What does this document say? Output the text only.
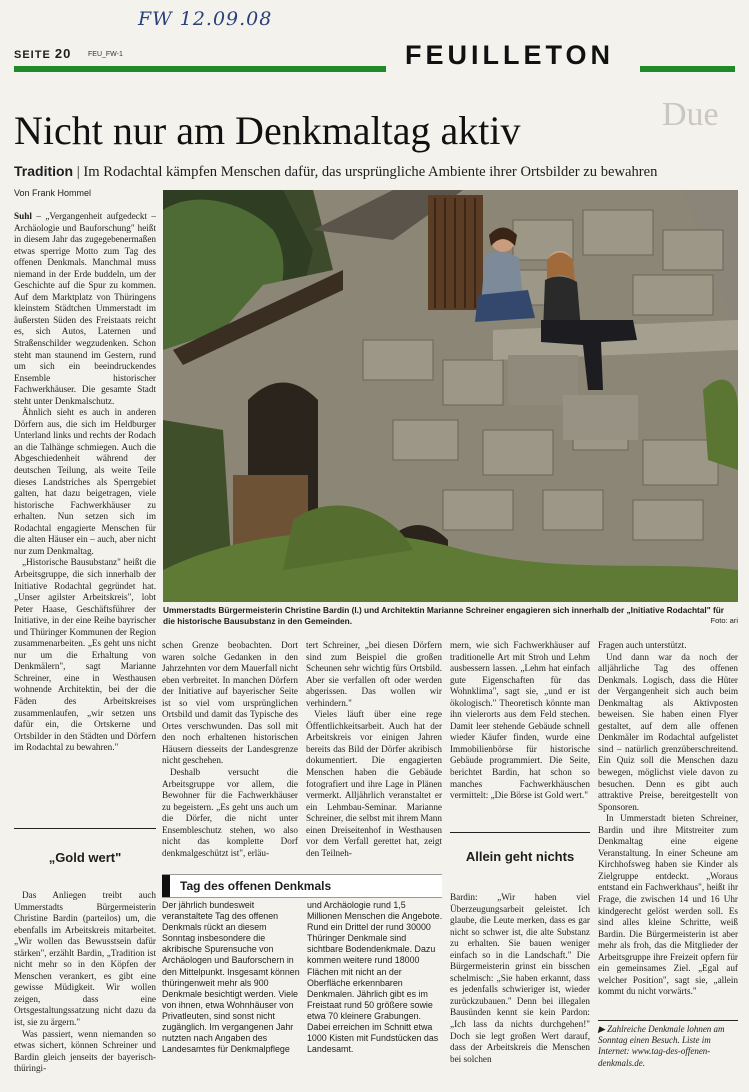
FW 12.09.08
SEITE 20 FEU_FW-1	FEUILLETON
Due
Nicht nur am Denkmaltag aktiv
Tradition | Im Rodachtal kämpfen Menschen dafür, das ursprüngliche Ambiente ihrer Ortsbilder zu bewahren
Von Frank Hommel
Ummerstadts Bürgermeisterin Christine Bardin (l.) und Architektin Marianne Schreiner engagieren sich innerhalb der „Initiative Rodachtal" für die historische Bausubstanz in den Gemeinden.	Foto: ari

Suhl – „Vergangenheit aufgedeckt – Archäologie und Bauforschung" heißt in diesem Jahr das zugegebenermaßen etwas sperrige Motto zum Tag des offenen Denkmals. Manchmal muss niemand in der Erde buddeln, um der Geschichte auf die Spur zu kommen. Auf dem Marktplatz von Thüringens kleinstem Städtchen Ummerstadt im äußersten Süden des Freistaats reicht es, sich Autos, Laternen und Straßenschilder wegzudenken. Schon steht man staunend im Gestern, rund um sich ein beeindruckendes Ensemble historischer Fachwerkhäuser. Die gesamte Stadt steht unter Denkmalschutz.

Ähnlich sieht es auch in anderen Dörfern aus, die sich im Heldburger Unterland links und rechts der Rodach an die Talhänge schmiegen. Auch die Abgeschiedenheit während der deutschen Teilung, als weite Teile dieses Landstriches als Sperrgebiet galten, hat dazu beigetragen, viele historische Fachwerkhäuser zu erhalten. Nun setzen sich im Rodachtal engagierte Menschen für die alten Häuser ein – auch, aber nicht nur zum Denkmaltag.

„Historische Bausubstanz" heißt die Arbeitsgruppe, die sich innerhalb der Initiative Rodachtal gegründet hat. „Unser agilster Arbeitskreis", lobt Peter Haase, Geschäftsführer der Initiative, in der eine Reihe bayrischer und Thüringer Kommunen der Region zusammenarbeiten. „Es geht uns nicht nur um die Erhaltung von Denkmälern", sagt Marianne Schreiner, eine in Westhausen wohnende Architektin, bei der die Fäden des Arbeitskreises zusammenlaufen, „wir setzen uns dafür ein, die Ortskerne und Ortsbilder in den Städten und Dörfern im Rodachtal zu bewahren."

„Gold wert"

Das Anliegen treibt auch Ummerstadts Bürgermeisterin Christine Bardin (parteilos) um, die ebenfalls im Arbeitskreis mitarbeitet. „Wir wollen das Bewusstsein dafür stärken", erzählt Bardin, „Tradition ist nicht mehr so in den Köpfen der Menschen verankert, es gibt eine gewisse Müdigkeit. Wir wollen zeigen, dass eine Ortsgestaltungssatzung nicht dazu da ist, sie zu ärgern."

Was passiert, wenn niemanden so etwas sichert, können Schreiner und Bardin gleich jenseits der bayerisch-thüringi-

schen Grenze beobachten. Dort waren solche Gedanken in den Jahrzehnten vor dem Mauerfall nicht eben verbreitet. In manchen Dörfern der Initiative auf bayerischer Seite ist so viel vom ursprünglichen Ortsbild und damit das Typische des Ortes verschwunden. Das soll mit den noch erhaltenen historischen Häusern diesseits der Landesgrenze nicht geschehen.

Deshalb versucht die Arbeitsgruppe vor allem, die Bewohner für die Fachwerkhäuser zu begeistern. „Es geht uns auch um die Dörfer, die nicht unter Ensembleschutz stehen, wo also nicht das komplette Dorf denkmalgeschützt ist", erläu-

tert Schreiner, „bei diesen Dörfern sind zum Beispiel die großen Scheunen sehr wichtig fürs Ortsbild. Aber sie verfallen oft oder werden abgerissen. Das wollen wir verhindern."

Vieles läuft über eine rege Öffentlichkeitsarbeit. Auch hat der Arbeitskreis vor einigen Jahren bereits das Bild der Dörfer akribisch dokumentiert. Die engagierten Menschen haben die Gebäude fotografiert und ihre Lage in Plänen vermerkt. Alljährlich veranstaltet er ein Lehmbau-Seminar. Marianne Schreiner, die selbst mit ihrem Mann einen Dreiseitenhof in Westhausen vor dem Verfall gerettet hat, zeigt den Teilneh-

mern, wie sich Fachwerkhäuser auf traditionelle Art mit Stroh und Lehm ausbessern lassen. „Lehm hat einfach gute Eigenschaften für das Wohnklima", sagt sie, „und er ist ökologisch." Theoretisch könnte man ihn vielerorts aus dem Feld stechen. Damit leer stehende Gebäude schnell wieder Käufer finden, wurde eine Immobilienbörse für historische Gebäude programmiert. Die Seite, berichtet Bardin, hat schon so manches Fachwerkhäuschen vermittelt: „Die Börse ist Gold wert."

Allein geht nichts

Bardin: „Wir haben viel Überzeugungsarbeit geleistet. Ich glaube, die Leute merken, dass es gar nicht so schwer ist, die alte Substanz zu erhalten. Sie bauen weniger einfach so in die Landschaft." Die Bürgermeisterin grinst ein bisschen schelmisch: „Sie haben erkannt, dass es jedenfalls schwieriger ist, wieder zurückzubauen." Denn bei illegalen Bausünden kennt sie kein Pardon: „Ich lass da nichts durchgehen!" Doch sie legt großen Wert darauf, dass der Arbeitskreis die Menschen bei solchen

Fragen auch unterstützt.

Und dann war da noch der alljährliche Tag des offenen Denkmals. Logisch, dass die Hüter der Vergangenheit sich auch beim Denkmaltag als Aktivposten beweisen. Sie haben einen Flyer gestaltet, auf dem alle offenen Denkmäler im Rodachtal aufgelistet sind – natürlich grenzüberschreitend. Ein Quiz soll die Menschen dazu bewegen, möglichst viele davon zu besuchen. Denn es gibt auch attraktive Preise, bereitgestellt von Sponsoren.

In Ummerstadt bieten Schreiner, Bardin und ihre Mitstreiter zum Denkmaltag eine eigene Veranstaltung. In einer Scheune am Kirchhofsweg haben sie Kinder als Zielgruppe entdeckt. „Woraus entstand ein Fachwerkhaus", heißt ihr Frage, die zwischen 14 und 16 Uhr kindgerecht gelöst werden soll. Es sind alles kleine Schritte, weiß Bardin. Die Bürgermeisterin ist aber mehr als froh, das die Mitglieder der Arbeitsgruppe ihre Freizeit opfern für ein gemeinsames Ziel. „Egal auf welcher Position", sagt sie, „allein kommt du nicht vorwärts."

▶ Zahlreiche Denkmale lohnen am Sonntag einen Besuch. Liste im Internet: www.tag-des-offenen-denkmals.de.
Tag des offenen Denkmals
Der jährlich bundesweit veranstaltete Tag des offenen Denkmals rückt an diesem Sonntag insbesondere die akribische Spurensuche von Archäologen und Bauforschern in den Mittelpunkt. Insgesamt können thüringenweit mehr als 900 Denkmale besichtigt werden. Viele von ihnen, etwa Wohnhäuser von Privatleuten, sind sonst nicht zugänglich. Im vergangenen Jahr nutzten nach Angaben des Landesamtes für Denkmalpflege
und Archäologie rund 1,5 Millionen Menschen die Angebote. Rund ein Drittel der rund 30000 Thüringer Denkmale sind sichtbare Bodendenkmale. Dazu kommen weitere rund 18000 Flächen mit nicht an der Oberfläche erkennbaren Denkmalen. Jährlich gibt es im Freistaat rund 50 größere sowie etwa 70 kleinere Grabungen. Dabei erreichen im Schnitt etwa 1000 Kisten mit Fundstücken das Landesamt.
